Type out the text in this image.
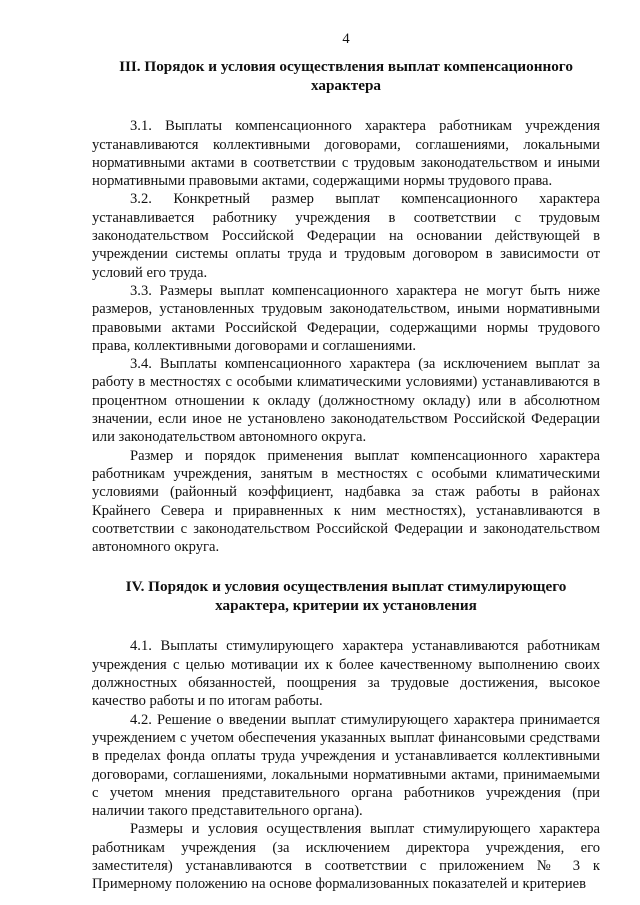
4
III. Порядок и условия осуществления выплат компенсационного
характера

3.1. Выплаты компенсационного характера работникам учреждения устанавливаются коллективными договорами, соглашениями, локальными нормативными актами в соответствии с трудовым законодательством и иными нормативными правовыми актами, содержащими нормы трудового права.

3.2. Конкретный размер выплат компенсационного характера устанавливается работнику учреждения в соответствии с трудовым законодательством Российской Федерации на основании действующей в учреждении системы оплаты труда и трудовым договором в зависимости от условий его труда.

3.3. Размеры выплат компенсационного характера не могут быть ниже размеров, установленных трудовым законодательством, иными нормативными правовыми актами Российской Федерации, содержащими нормы трудового права, коллективными договорами и соглашениями.

3.4. Выплаты компенсационного характера (за исключением выплат за работу в местностях с особыми климатическими условиями) устанавливаются в процентном отношении к окладу (должностному окладу) или в абсолютном значении, если иное не установлено законодательством Российской Федерации или законодательством автономного округа.

Размер и порядок применения выплат компенсационного характера работникам учреждения, занятым в местностях с особыми климатическими условиями (районный коэффициент, надбавка за стаж работы в районах Крайнего Севера и приравненных к ним местностях), устанавливаются в соответствии с законодательством Российской Федерации и законодательством автономного округа.

IV. Порядок и условия осуществления выплат стимулирующего
характера, критерии их установления

4.1. Выплаты стимулирующего характера устанавливаются работникам учреждения с целью мотивации их к более качественному выполнению своих должностных обязанностей, поощрения за трудовые достижения, высокое качество работы и по итогам работы.

4.2. Решение о введении выплат стимулирующего характера принимается учреждением с учетом обеспечения указанных выплат финансовыми средствами в пределах фонда оплаты труда учреждения и устанавливается коллективными договорами, соглашениями, локальными нормативными актами, принимаемыми с учетом мнения представительного органа работников учреждения (при наличии такого представительного органа).

Размеры и условия осуществления выплат стимулирующего характера работникам учреждения (за исключением директора учреждения, его заместителя) устанавливаются в соответствии с приложением № 3 к Примерному положению на основе формализованных показателей и критериев
